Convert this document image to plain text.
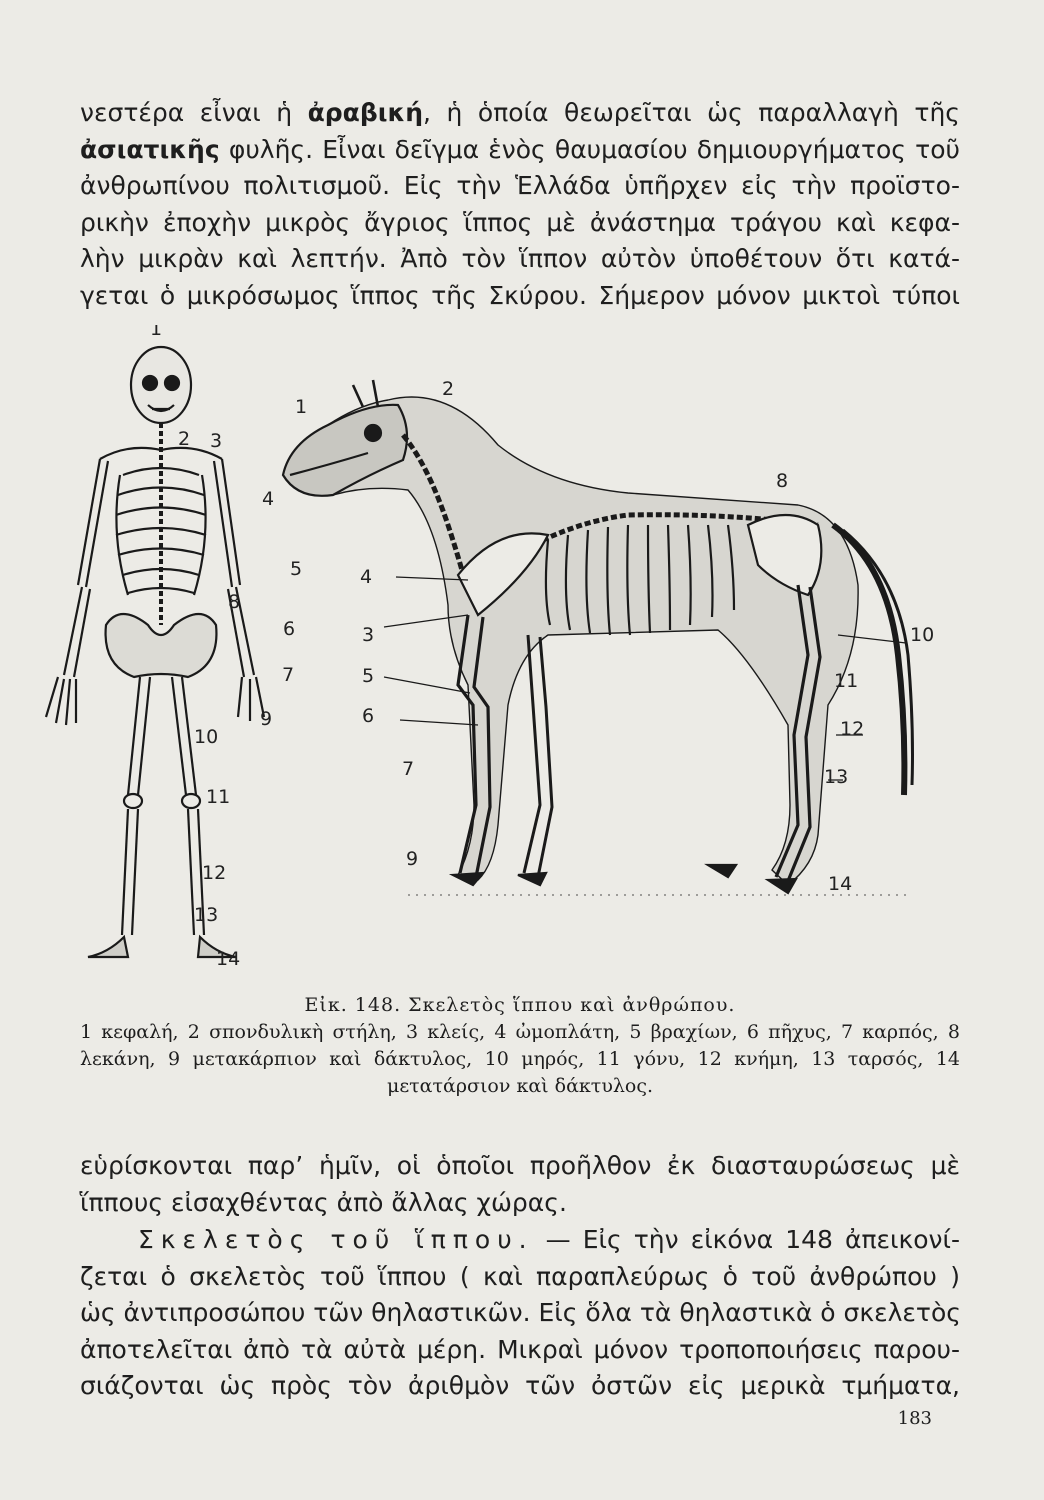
νεστέρα εἶναι ἡ ἀραβική, ἡ ὁποία θεωρεῖται ὡς παραλλαγὴ τῆς
ἀσιατικῆς φυλῆς. Εἶναι δεῖγμα ἑνὸς θαυμασίου δημιουργήματος τοῦ
ἀνθρωπίνου πολιτισμοῦ. Εἰς τὴν Ἑλλάδα ὑπῆρχεν εἰς τὴν προϊστο-
ρικὴν ἐποχὴν μικρὸς ἄγριος ἵππος μὲ ἀνάστημα τράγου καὶ κεφα-
λὴν μικρὰν καὶ λεπτήν. Ἀπὸ τὸν ἵππον αὐτὸν ὑποθέτουν ὅτι κατά-
γεται ὁ μικρόσωμος ἵππος τῆς Σκύρου. Σήμερον μόνον μικτοὶ τύποι
1
2 3
4
5
6
7
8
9
10
11
12
13
14
1
2
8
4
3
5
6
7
9
10
11
12
13
14
Εἰκ. 148. Σκελετὸς ἵππου καὶ ἀνθρώπου.
1 κεφαλή, 2 σπονδυλικὴ στήλη, 3 κλείς, 4 ὠμοπλάτη, 5 βραχίων, 6 πῆχυς, 7 καρπός, 8 λεκάνη, 9 μετακάρπιον καὶ δάκτυλος, 10 μηρός, 11 γόνυ, 12 κνήμη, 13 ταρσός, 14 μετατάρσιον καὶ δάκτυλος.
εὑρίσκονται παρ’ ἡμῖν, οἱ ὁποῖοι προῆλθον ἐκ διασταυρώσεως μὲ
ἵππους εἰσαχθέντας ἀπὸ ἄλλας χώρας.
Σκελετὸς τοῦ ἵππου. — Εἰς τὴν εἰκόνα 148 ἀπεικονί-
ζεται ὁ σκελετὸς τοῦ ἵππου ( καὶ παραπλεύρως ὁ τοῦ ἀνθρώπου )
ὡς ἀντιπροσώπου τῶν θηλαστικῶν. Εἰς ὅλα τὰ θηλαστικὰ ὁ σκελετὸς
ἀποτελεῖται ἀπὸ τὰ αὐτὰ μέρη. Μικραὶ μόνον τροποποιήσεις παρου-
σιάζονται ὡς πρὸς τὸν ἀριθμὸν τῶν ὀστῶν εἰς μερικὰ τμήματα,
183
